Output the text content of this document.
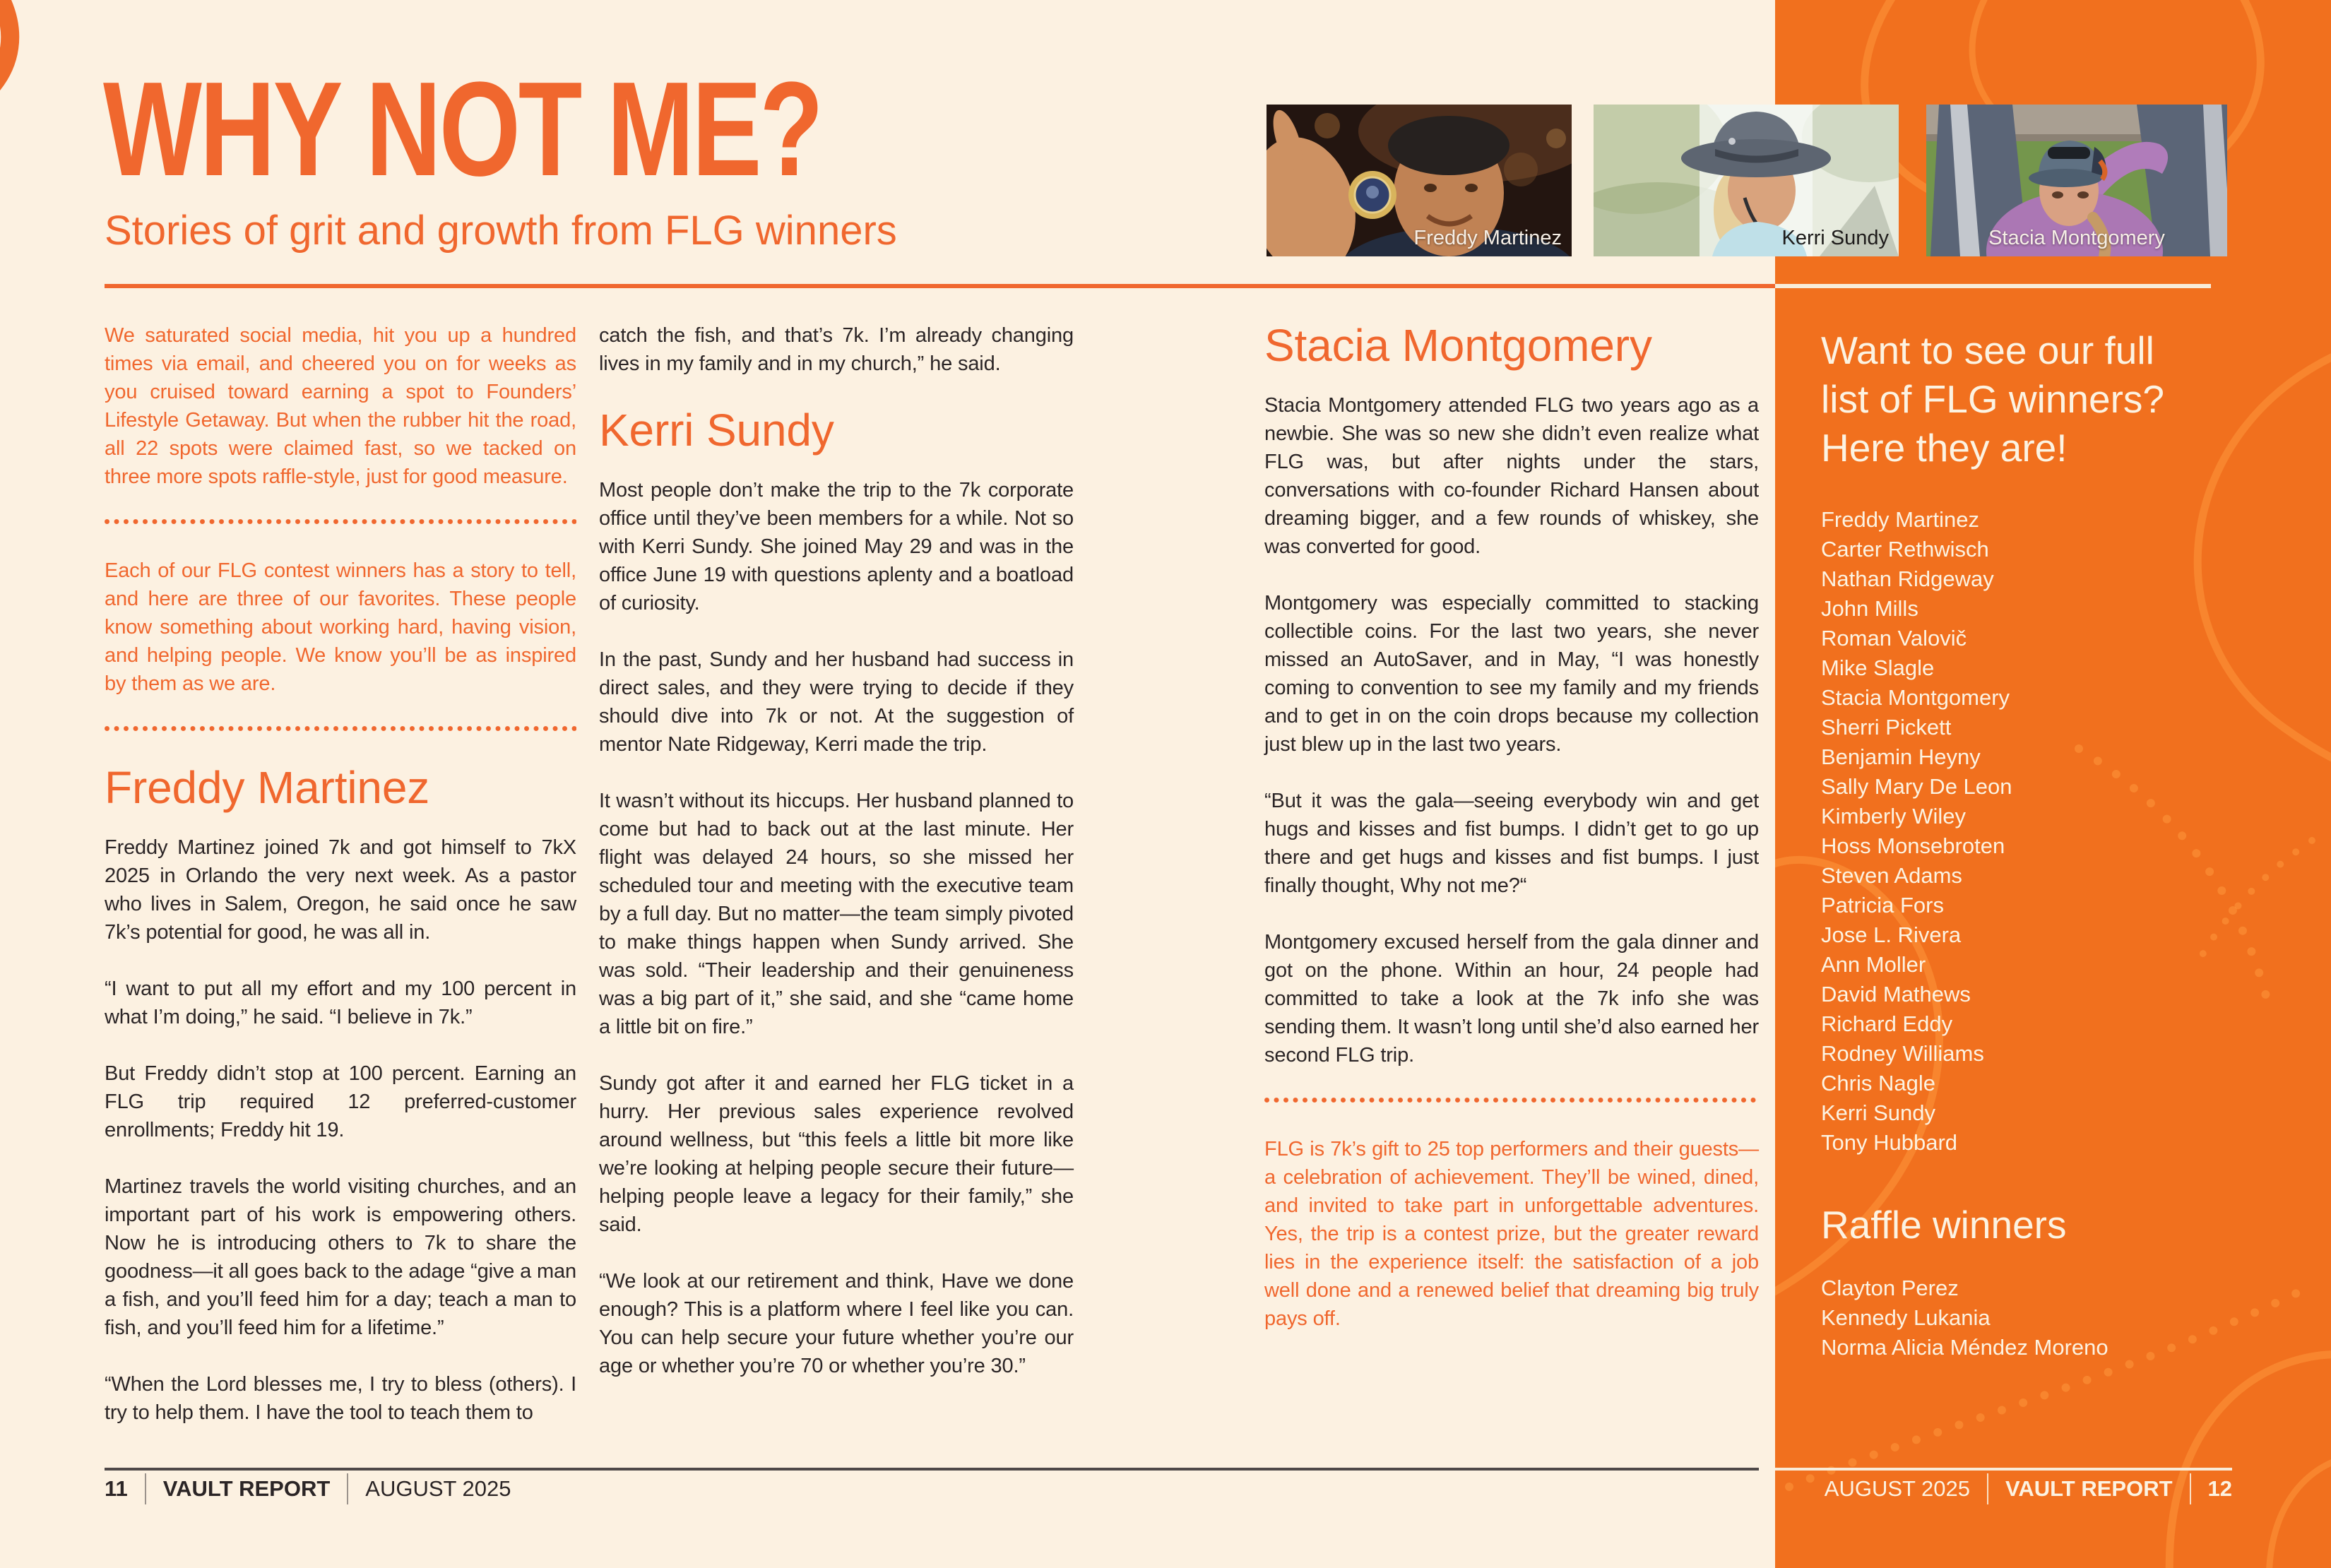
Want to see our full
list of FLG winners?
Here they are!
Freddy Martinez
Carter Rethwisch
Nathan Ridgeway
John Mills
Roman Valovič
Mike Slagle
Stacia Montgomery
Sherri Pickett
Benjamin Heyny
Sally Mary De Leon
Kimberly Wiley
Hoss Monsebroten
Steven Adams
Patricia Fors
Jose L. Rivera
Ann Moller
David Mathews
Richard Eddy
Rodney Williams
Chris Nagle
Kerri Sundy
Tony Hubbard
Raffle winners
Clayton Perez
Kennedy Lukania
Norma Alicia Méndez Moreno
WHY NOT ME?
Stories of grit and growth from FLG winners	Freddy Martinez	Kerri Sundy	Stacia Montgomery

We saturated social media, hit you up a hundred times via email, and cheered you on for weeks as you cruised toward earning a spot to Founders’ Lifestyle Getaway. But when the rubber hit the road, all 22 spots were claimed fast, so we tacked on three more spots raffle-style, just for good measure.

Each of our FLG contest winners has a story to tell, and here are three of our favorites. These people know something about working hard, having vision, and helping people. We know you’ll be as inspired by them as we are.

Freddy Martinez

Freddy Martinez joined 7k and got himself to 7kX 2025 in Orlando the very next week. As a pastor who lives in Salem, Oregon, he said once he saw 7k’s potential for good, he was all in.

“I want to put all my effort and my 100 percent in what I’m doing,” he said. “I believe in 7k.”

But Freddy didn’t stop at 100 percent. Earning an FLG trip required 12 preferred-customer enrollments; Freddy hit 19.

Martinez travels the world visiting churches, and an important part of his work is empowering others. Now he is introducing others to 7k to share the goodness—it all goes back to the adage “give a man a fish, and you’ll feed him for a day; teach a man to fish, and you’ll feed him for a lifetime.”

“When the Lord blesses me, I try to bless (others). I try to help them. I have the tool to teach them to

catch the fish, and that’s 7k. I’m already changing lives in my family and in my church,” he said.

Kerri Sundy

Most people don’t make the trip to the 7k corporate office until they’ve been members for a while. Not so with Kerri Sundy. She joined May 29 and was in the office June 19 with questions aplenty and a boatload of curiosity.

In the past, Sundy and her husband had success in direct sales, and they were trying to decide if they should dive into 7k or not. At the suggestion of mentor Nate Ridgeway, Kerri made the trip.

It wasn’t without its hiccups. Her husband planned to come but had to back out at the last minute. Her flight was delayed 24 hours, so she missed her scheduled tour and meeting with the executive team by a full day. But no matter—the team simply pivoted to make things happen when Sundy arrived. She was sold. “Their leadership and their genuineness was a big part of it,” she said, and she “came home a little bit on fire.”

Sundy got after it and earned her FLG ticket in a hurry. Her previous sales experience revolved around wellness, but “this feels a little bit more like we’re looking at helping people secure their future—helping people leave a legacy for their family,” she said.

“We look at our retirement and think, Have we done enough? This is a platform where I feel like you can. You can help secure your future whether you’re our age or whether you’re 70 or whether you’re 30.”

Stacia Montgomery

Stacia Montgomery attended FLG two years ago as a newbie. She was so new she didn’t even realize what FLG was, but after nights under the stars, conversations with co-founder Richard Hansen about dreaming bigger, and a few rounds of whiskey, she was converted for good.

Montgomery was especially committed to stacking collectible coins. For the last two years, she never missed an AutoSaver, and in May, “I was honestly coming to convention to see my family and my friends and to get in on the coin drops because my collection just blew up in the last two years.

“But it was the gala—seeing everybody win and get hugs and kisses and fist bumps. I didn’t get to go up there and get hugs and kisses and fist bumps. I just finally thought, Why not me?“

Montgomery excused herself from the gala dinner and got on the phone. Within an hour, 24 people had committed to take a look at the 7k info she was sending them. It wasn’t long until she’d also earned her second FLG trip.

FLG is 7k’s gift to 25 top performers and their guests—a celebration of achievement. They’ll be wined, dined, and invited to take part in unforgettable adventures. Yes, the trip is a contest prize, but the greater reward lies in the experience itself: the satisfaction of a job well done and a renewed belief that dreaming big truly pays off.

11 VAULT REPORT AUGUST 2025	AUGUST 2025 VAULT REPORT 12
